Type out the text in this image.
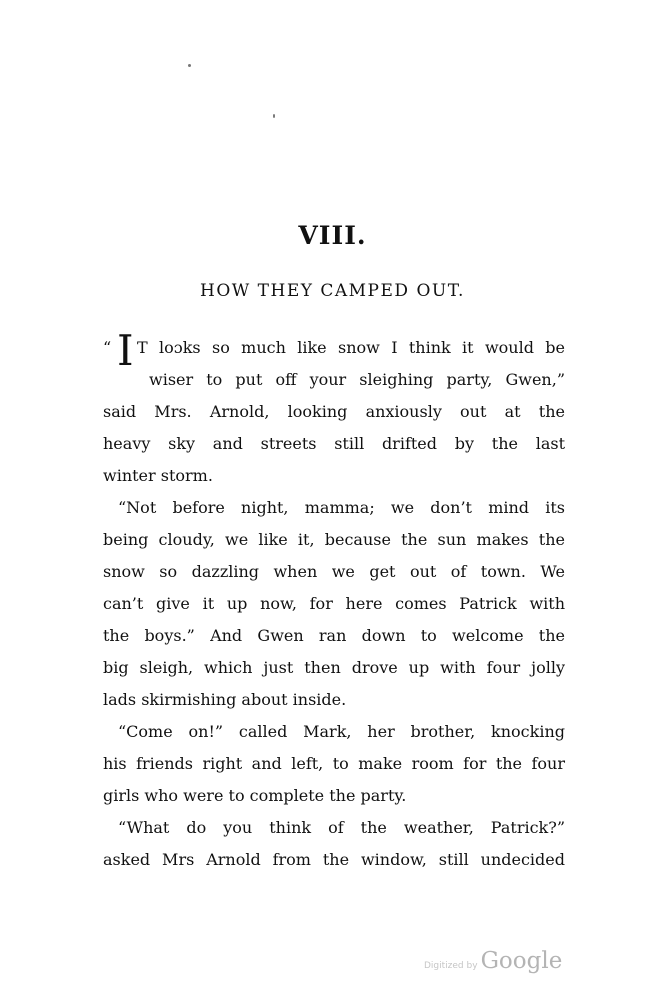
VIII.
HOW THEY CAMPED OUT.
“ I T loɔks so much like snow I think it would be
wiser to put off your sleighing party, Gwen,”
said Mrs. Arnold, looking anxiously out at the
heavy sky and streets still drifted by the last
winter storm.
“Not before night, mamma; we don’t mind its
being cloudy, we like it, because the sun makes the
snow so dazzling when we get out of town. We
can’t give it up now, for here comes Patrick with
the boys.” And Gwen ran down to welcome the
big sleigh, which just then drove up with four jolly
lads skirmishing about inside.
“Come on!” called Mark, her brother, knocking
his friends right and left, to make room for the four
girls who were to complete the party.
“What do you think of the weather, Patrick?”
asked Mrs Arnold from the window, still undecided
Digitized by Google
